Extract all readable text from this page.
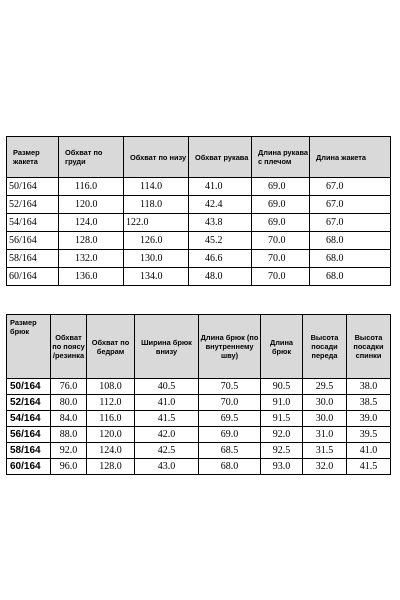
Размер жакета	Обхват по груди	Обхват по низу	Обхват рукава	Длина рукава с плечом	Длина жакета
50/164	116.0	114.0	41.0	69.0	67.0
52/164	120.0	118.0	42.4	69.0	67.0
54/164	124.0	122.0	43.8	69.0	67.0
56/164	128.0	126.0	45.2	70.0	68.0
58/164	132.0	130.0	46.6	70.0	68.0
60/164	136.0	134.0	48.0	70.0	68.0
Размер брюк	Обхват по поясу /резинка	Обхват по бедрам	Ширина брюк внизу	Длина брюк (по внутреннему шву)	Длина брюк	Высота посади переда	Высота посадки спинки
50/164	76.0	108.0	40.5	70.5	90.5	29.5	38.0
52/164	80.0	112.0	41.0	70.0	91.0	30.0	38.5
54/164	84.0	116.0	41.5	69.5	91.5	30.0	39.0
56/164	88.0	120.0	42.0	69.0	92.0	31.0	39.5
58/164	92.0	124.0	42.5	68.5	92.5	31.5	41.0
60/164	96.0	128.0	43.0	68.0	93.0	32.0	41.5
